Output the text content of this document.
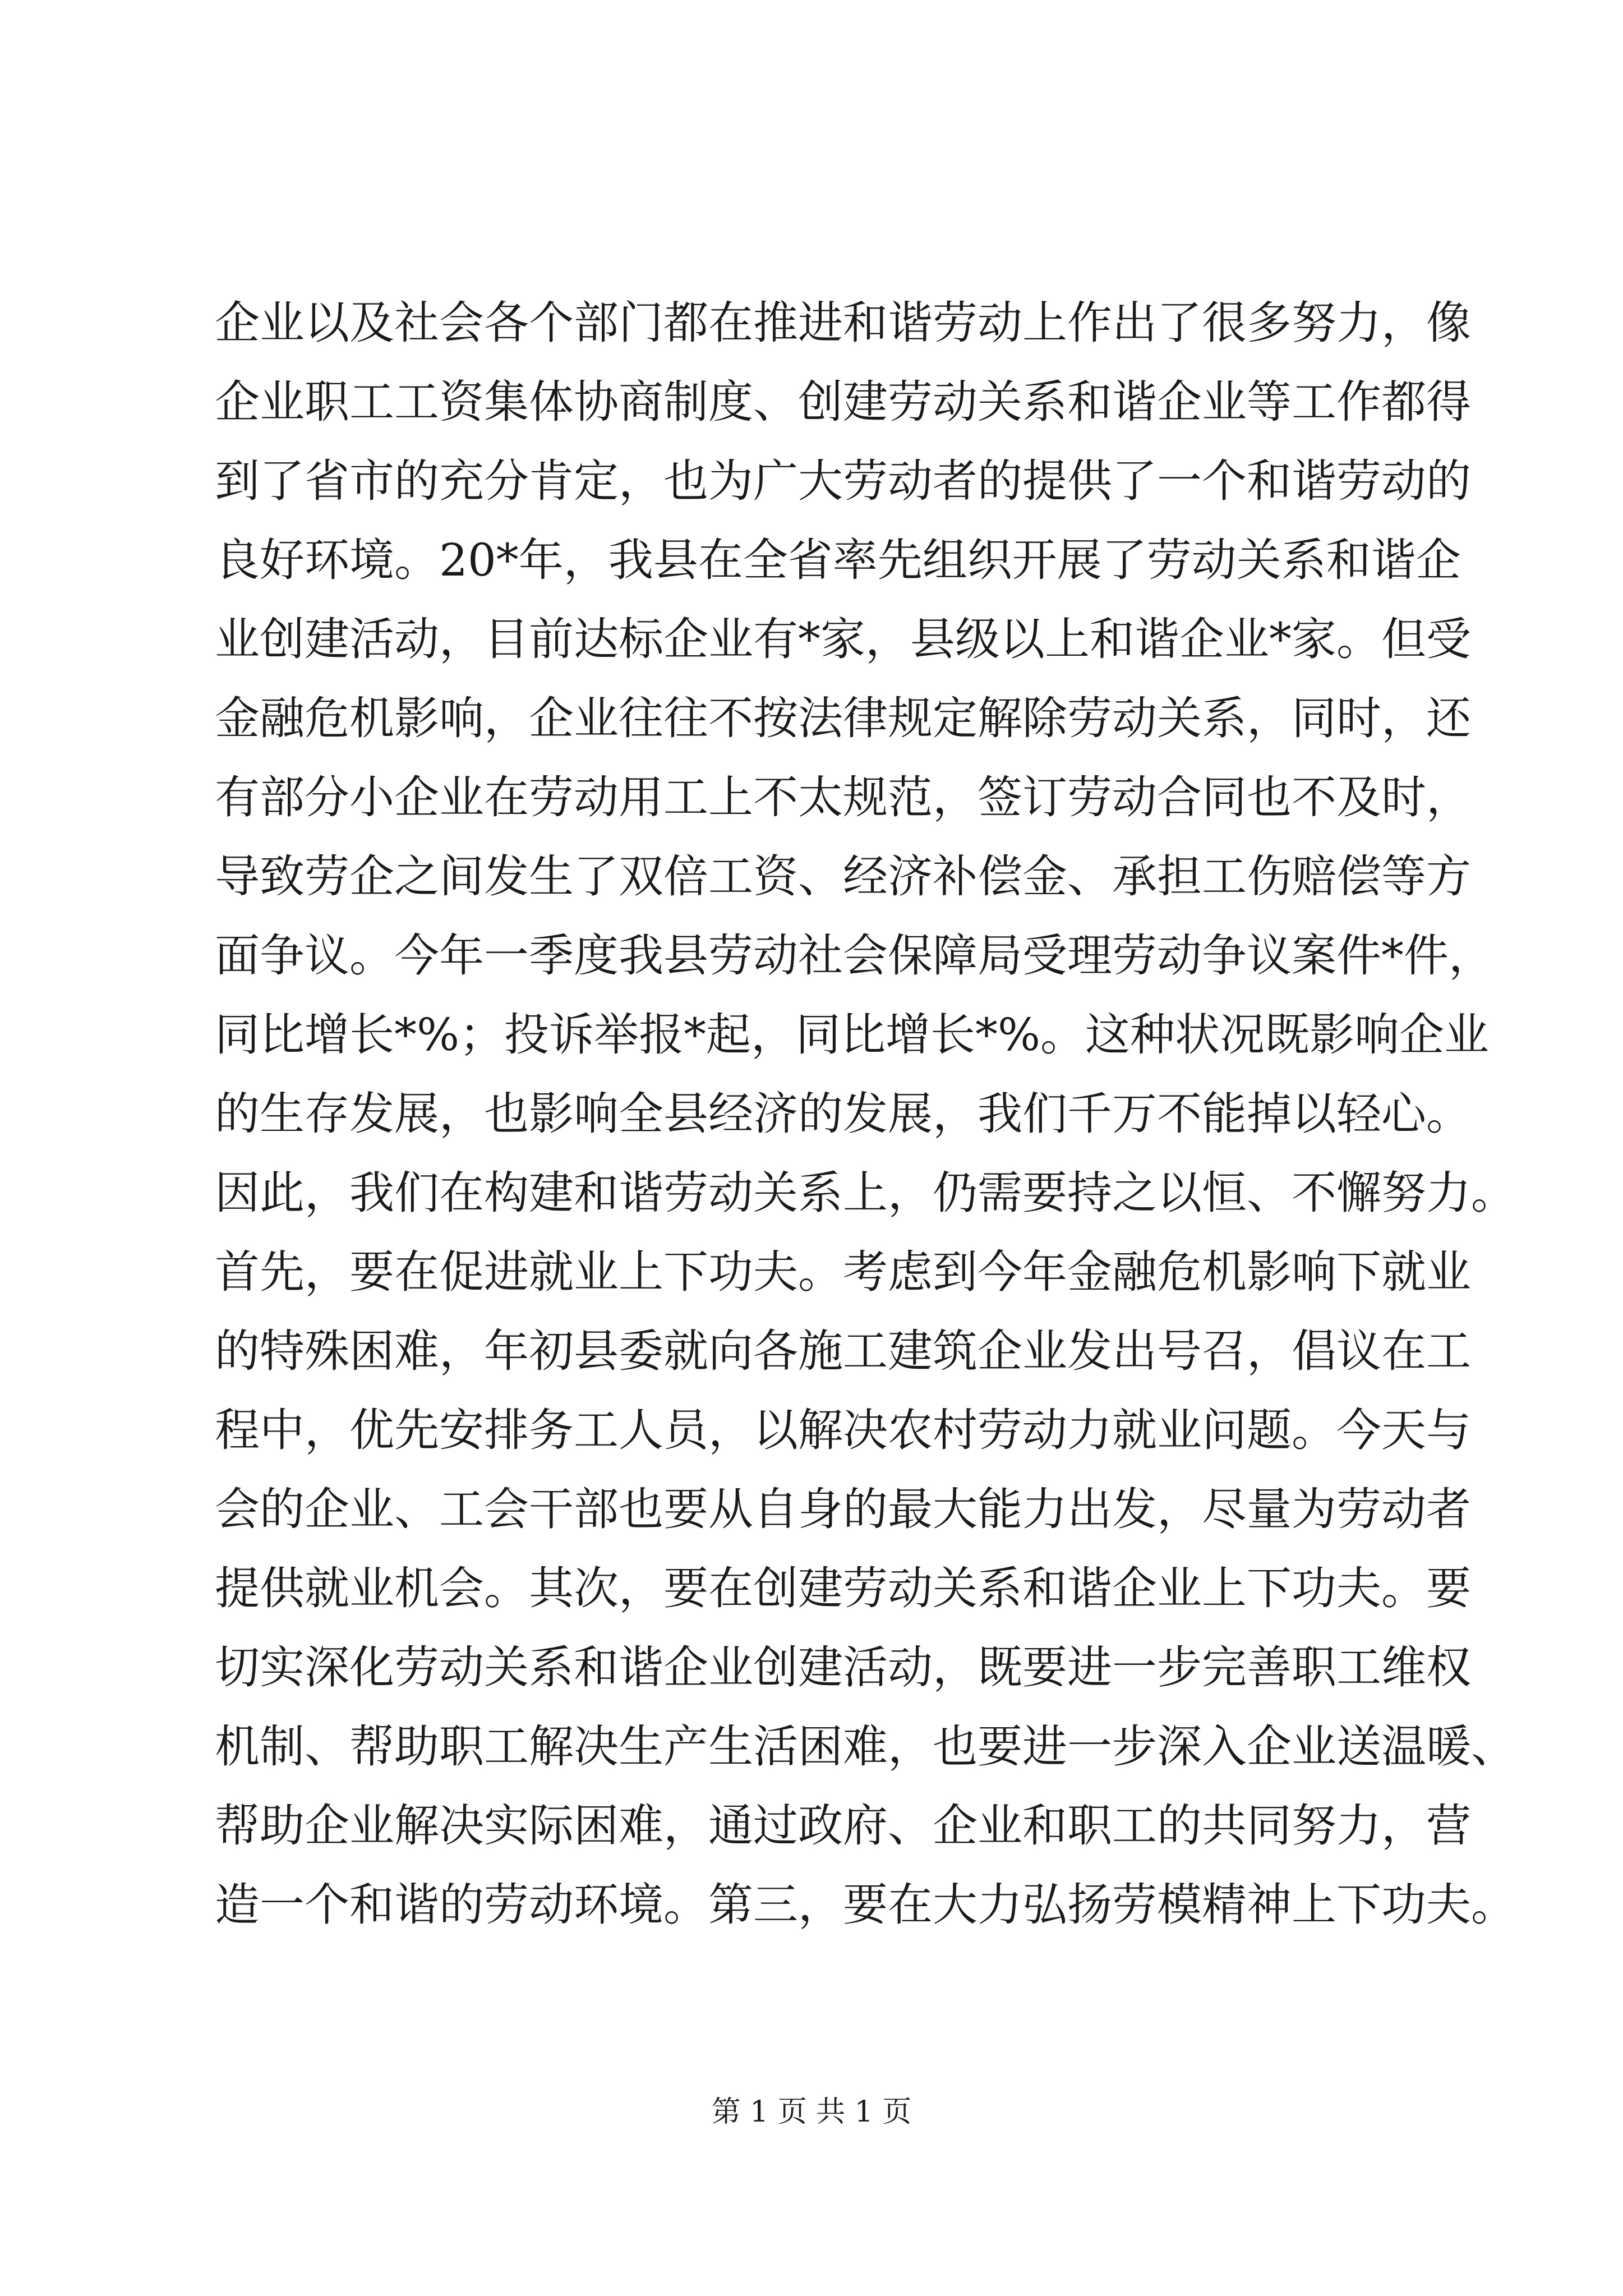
企业以及社会各个部门都在推进和谐劳动上作出了很多努力，像
企业职工工资集体协商制度、创建劳动关系和谐企业等工作都得
到了省市的充分肯定，也为广大劳动者的提供了一个和谐劳动的
良好环境。20*年，我县在全省率先组织开展了劳动关系和谐企
业创建活动，目前达标企业有*家，县级以上和谐企业*家。但受
金融危机影响，企业往往不按法律规定解除劳动关系，同时，还
有部分小企业在劳动用工上不太规范，签订劳动合同也不及时，
导致劳企之间发生了双倍工资、经济补偿金、承担工伤赔偿等方
面争议。今年一季度我县劳动社会保障局受理劳动争议案件*件，
同比增长*%；投诉举报*起，同比增长*%。这种状况既影响企业
的生存发展，也影响全县经济的发展，我们千万不能掉以轻心。
因此，我们在构建和谐劳动关系上，仍需要持之以恒、不懈努力。
首先，要在促进就业上下功夫。考虑到今年金融危机影响下就业
的特殊困难，年初县委就向各施工建筑企业发出号召，倡议在工
程中，优先安排务工人员，以解决农村劳动力就业问题。今天与
会的企业、工会干部也要从自身的最大能力出发，尽量为劳动者
提供就业机会。其次，要在创建劳动关系和谐企业上下功夫。要
切实深化劳动关系和谐企业创建活动，既要进一步完善职工维权
机制、帮助职工解决生产生活困难，也要进一步深入企业送温暖、
帮助企业解决实际困难，通过政府、企业和职工的共同努力，营
造一个和谐的劳动环境。第三，要在大力弘扬劳模精神上下功夫。
第 1 页 共 1 页
